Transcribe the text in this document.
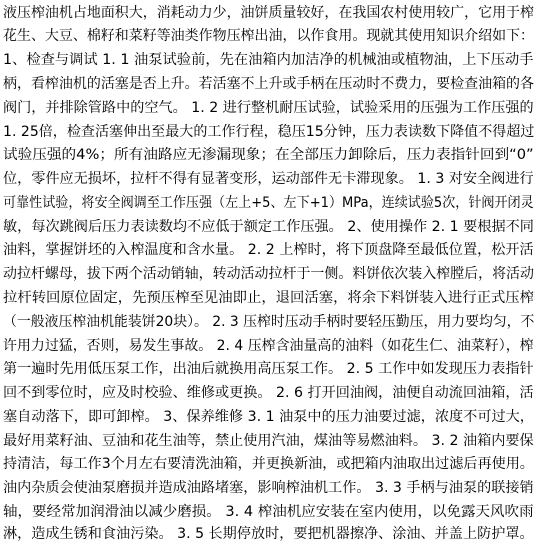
液压榨油机占地面积大，消耗动力少，油饼质量较好，在我国农村使用较广，它用于榨
花生、大豆、棉籽和菜籽等油类作物压榨出油，以作食用。现就其使用知识介绍如下：
1、检查与调试 1. 1 油泵试验前，先在油箱内加洁净的机械油或植物油，上下压动手
柄，看榨油机的活塞是否上升。若活塞不上升或手柄在压动时不费力，要检查油箱的各
阀门，并排除管路中的空气。 1. 2 进行整机耐压试验，试验采用的压强为工作压强的
1. 25倍，检查活塞伸出至最大的工作行程，稳压15分钟，压力表读数下降值不得超过
试验压强的4%；所有油路应无渗漏现象；在全部压力卸除后，压力表指针回到“0”
位，零件应无损坏，拉杆不得有显著变形，运动部件无卡滞现象。 1. 3 对安全阀进行
可靠性试验，将安全阀调至工作压强（左上+5、左下+1）MPa，连续试验5次，针阀开闭灵
敏，每次跳阀后压力表读数均不应低于额定工作压强。 2、使用操作 2. 1 要根据不同
油料，掌握饼坯的入榨温度和含水量。 2. 2 上榨时，将下顶盘降至最低位置，松开活
动拉杆螺母，拔下两个活动销轴，转动活动拉杆于一侧。料饼依次装入榨膛后，将活动
拉杆转回原位固定，先预压榨至见油即止，退回活塞，将余下料饼装入进行正式压榨
（一般液压榨油机能装饼20块）。 2. 3 压榨时压动手柄时要轻压勤压，用力要均匀，不
许用力过猛，否则，易发生事故。 2. 4 压榨含油量高的油料（如花生仁、油菜籽），榨
第一遍时先用低压泵工作，出油后就换用高压泵工作。 2. 5 工作中如发现压力表指针
回不到零位时，应及时校验、维修或更换。 2. 6 打开回油阀，油便自动流回油箱，活
塞自动落下，即可卸榨。 3、保养维修 3. 1 油泵中的压力油要过滤，浓度不可过大，
最好用菜籽油、豆油和花生油等，禁止使用汽油，煤油等易燃油料。 3. 2 油箱内要保
持清洁，每工作3个月左右要清洗油箱，并更换新油，或把箱内油取出过滤后再使用。
油内杂质会使油泵磨损并造成油路堵塞，影响榨油机工作。 3. 3 手柄与油泵的联接销
轴，要经常加润滑油以减少磨损。 3. 4 榨油机应安装在室内使用，以免露天风吹雨
淋，造成生锈和食油污染。 3. 5 长期停放时，要把机器擦净、涂油、并盖上防护罩。
